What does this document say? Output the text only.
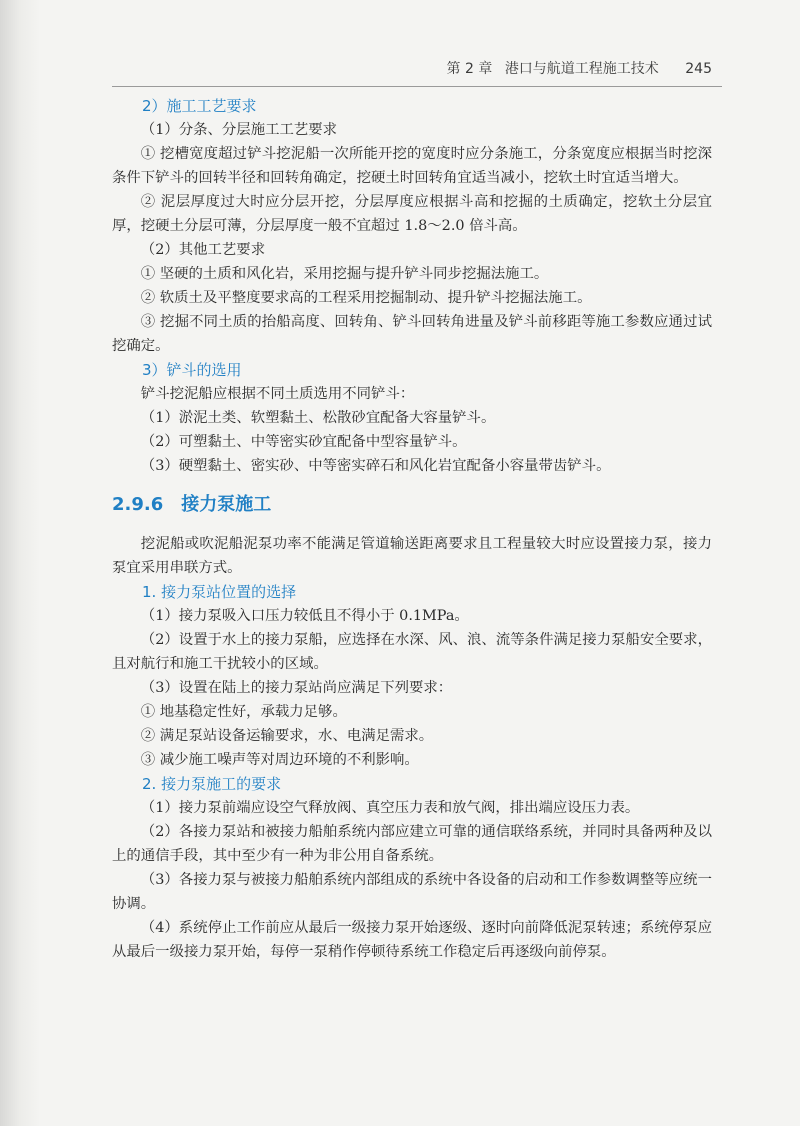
第 2 章 港口与航道工程施工技术 245

2）施工工艺要求

（1）分条、分层施工工艺要求

① 挖槽宽度超过铲斗挖泥船一次所能开挖的宽度时应分条施工，分条宽度应根据当时挖深条件下铲斗的回转半径和回转角确定，挖硬土时回转角宜适当减小，挖软土时宜适当增大。

② 泥层厚度过大时应分层开挖，分层厚度应根据斗高和挖掘的土质确定，挖软土分层宜厚，挖硬土分层可薄，分层厚度一般不宜超过 1.8～2.0 倍斗高。

（2）其他工艺要求

① 坚硬的土质和风化岩，采用挖掘与提升铲斗同步挖掘法施工。

② 软质土及平整度要求高的工程采用挖掘制动、提升铲斗挖掘法施工。

③ 挖掘不同土质的抬船高度、回转角、铲斗回转角进量及铲斗前移距等施工参数应通过试挖确定。

3）铲斗的选用

铲斗挖泥船应根据不同土质选用不同铲斗：

（1）淤泥土类、软塑黏土、松散砂宜配备大容量铲斗。

（2）可塑黏土、中等密实砂宜配备中型容量铲斗。

（3）硬塑黏土、密实砂、中等密实碎石和风化岩宜配备小容量带齿铲斗。

2.9.6 接力泵施工

挖泥船或吹泥船泥泵功率不能满足管道输送距离要求且工程量较大时应设置接力泵，接力泵宜采用串联方式。

1. 接力泵站位置的选择

（1）接力泵吸入口压力较低且不得小于 0.1MPa。

（2）设置于水上的接力泵船，应选择在水深、风、浪、流等条件满足接力泵船安全要求，且对航行和施工干扰较小的区域。

（3）设置在陆上的接力泵站尚应满足下列要求：

① 地基稳定性好，承载力足够。

② 满足泵站设备运输要求，水、电满足需求。

③ 减少施工噪声等对周边环境的不利影响。

2. 接力泵施工的要求

（1）接力泵前端应设空气释放阀、真空压力表和放气阀，排出端应设压力表。

（2）各接力泵站和被接力船舶系统内部应建立可靠的通信联络系统，并同时具备两种及以上的通信手段，其中至少有一种为非公用自备系统。

（3）各接力泵与被接力船舶系统内部组成的系统中各设备的启动和工作参数调整等应统一协调。

（4）系统停止工作前应从最后一级接力泵开始逐级、逐时向前降低泥泵转速；系统停泵应从最后一级接力泵开始，每停一泵稍作停顿待系统工作稳定后再逐级向前停泵。
